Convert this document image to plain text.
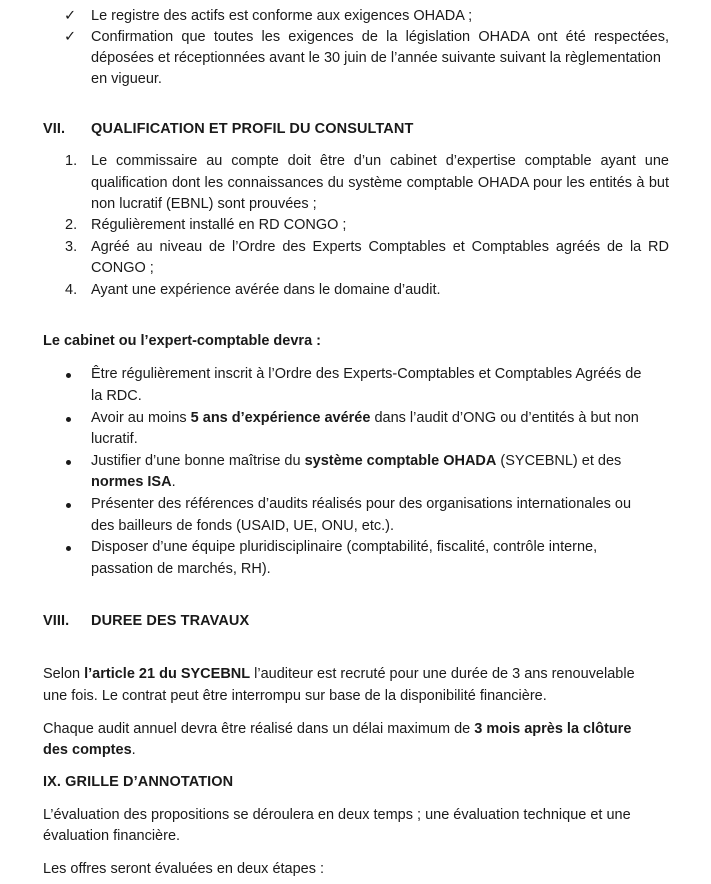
✓ Le registre des actifs est conforme aux exigences OHADA ;
✓ Confirmation que toutes les exigences de la législation OHADA ont été respectées,
déposées et réceptionnées avant le 30 juin de l’année suivante suivant la règlementation
en vigueur.
VII. QUALIFICATION ET PROFIL DU CONSULTANT
1. Le commissaire au compte doit être d’un cabinet d’expertise comptable ayant une
qualification dont les connaissances du système comptable OHADA pour les entités à but
non lucratif (EBNL) sont prouvées ;
2. Régulièrement installé en RD CONGO ;
3. Agréé au niveau de l’Ordre des Experts Comptables et Comptables agréés de la RD
CONGO ;
4. Ayant une expérience avérée dans le domaine d’audit.
Le cabinet ou l’expert-comptable devra :
Être régulièrement inscrit à l’Ordre des Experts-Comptables et Comptables Agréés de
la RDC.
Avoir au moins 5 ans d’expérience avérée dans l’audit d’ONG ou d’entités à but non
lucratif.
Justifier d’une bonne maîtrise du système comptable OHADA (SYCEBNL) et des
normes ISA.
Présenter des références d’audits réalisés pour des organisations internationales ou
des bailleurs de fonds (USAID, UE, ONU, etc.).
Disposer d’une équipe pluridisciplinaire (comptabilité, fiscalité, contrôle interne,
passation de marchés, RH).
VIII. DUREE DES TRAVAUX
Selon l’article 21 du SYCEBNL l’auditeur est recruté pour une durée de 3 ans renouvelable
une fois. Le contrat peut être interrompu sur base de la disponibilité financière.
Chaque audit annuel devra être réalisé dans un délai maximum de 3 mois après la clôture
des comptes.
IX. GRILLE D’ANNOTATION
L’évaluation des propositions se déroulera en deux temps ; une évaluation technique et une
évaluation financière.
Les offres seront évaluées en deux étapes :
